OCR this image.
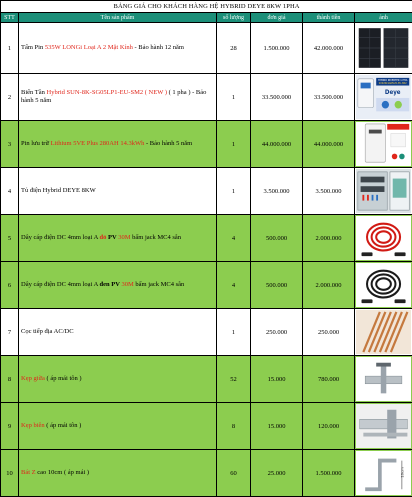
BẢNG GIÁ CHO KHÁCH HÀNG HỆ HYBRID DEYE 8KW 1PHA					
STT	Tên sản phẩm	số lượng	đơn giá	thành tiền	ảnh
1	Tấm Pin 535W LONGi Loại A 2 Mặt Kính - Bảo hành 12 năm	28	1.500.000	42.000.000	

2	Biến Tần Hybrid SUN-8K-SG05LP1-EU-SM2 ( NEW ) ( 1 pha ) - Bảo hành 5 năm	1	33.500.000	33.500.000	HYBRID INVERTER 1 PHA
SUN-8K-SG05LP1-EU-SM2
Deye

3	Pin lưu trữ Lithium 5VE Plus 280AH 14.3kWh - Bảo hành 5 năm	1	44.000.000	44.000.000	

4	Tủ điện Hybrid DEYE 8KW	1	3.500.000	3.500.000	

5	Dây cáp điện DC 4mm loại A đỏ PV 30M bấm jack MC4 sẵn	4	500.000	2.000.000	

6	Dây cáp điện DC 4mm loại A đen PV 30M bấm jack MC4 sẵn	4	500.000	2.000.000	

7	Cọc tiếp địa AC/DC	1	250.000	250.000	

8	Kẹp giữa ( áp mái tôn )	52	15.000	780.000	

9	Kẹp biên ( áp mái tôn )	8	15.000	120.000	

10	Bát Z cao 10cm ( áp mái )	60	25.000	1.500.000	10cm
